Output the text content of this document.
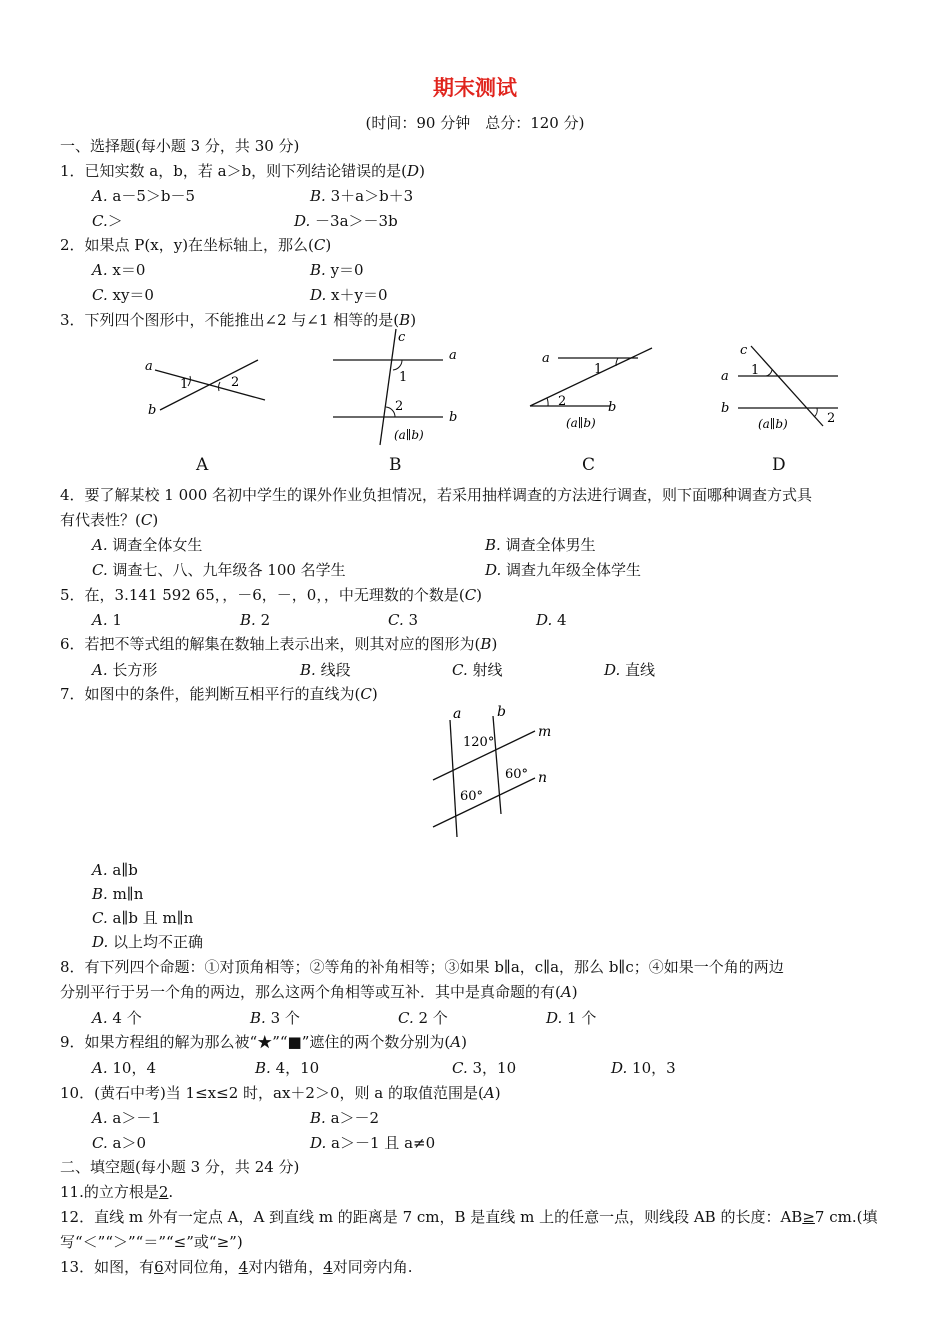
期末测试
(时间：90 分钟　总分：120 分)
一、选择题(每小题 3 分，共 30 分)
1．已知实数 a，b，若 a＞b，则下列结论错误的是(D)
A. a－5＞b－5	B. 3＋a＞b＋3
C.＞	D. －3a＞－3b
2．如果点 P(x，y)在坐标轴上，那么(C)
A. x＝0	B. y＝0
C. xy＝0	D. x＋y＝0
3．下列四个图形中，不能推出∠2 与∠1 相等的是(B)
a
b
1	2
A
c
a
b
1
2
(a∥b)
B
a
b
1
2
(a∥b)
C
c
a
b
1
2
(a∥b)
D
4．要了解某校 1 000 名初中学生的课外作业负担情况，若采用抽样调查的方法进行调查，则下面哪种调查方式具
有代表性？(C)
A. 调查全体女生	B. 调查全体男生
C. 调查七、八、九年级各 100 名学生	D. 调查九年级全体学生
5．在，3.141 592 65，，－6，－，0，，中无理数的个数是(C)
A. 1	B. 2	C. 3	D. 4
6．若把不等式组的解集在数轴上表示出来，则其对应的图形为(B)
A. 长方形	B. 线段	C. 射线	D. 直线
7．如图中的条件，能判断互相平行的直线为(C)
a	b
m
n
120°
60°
60°
A. a∥b
B. m∥n
C. a∥b 且 m∥n
D. 以上均不正确
8．有下列四个命题：①对顶角相等；②等角的补角相等；③如果 b∥a，c∥a，那么 b∥c；④如果一个角的两边
分别平行于另一个角的两边，那么这两个角相等或互补．其中是真命题的有(A)
A. 4 个	B. 3 个	C. 2 个	D. 1 个
9．如果方程组的解为那么被“★”“■”遮住的两个数分别为(A)
A. 10，4	B. 4，10	C. 3，10	D. 10，3
10．(黄石中考)当 1≤x≤2 时，ax＋2＞0，则 a 的取值范围是(A)
A. a＞－1	B. a＞－2
C. a＞0	D. a＞－1 且 a≠0
二、填空题(每小题 3 分，共 24 分)
11.的立方根是2.
12．直线 m 外有一定点 A，A 到直线 m 的距离是 7 cm，B 是直线 m 上的任意一点，则线段 AB 的长度：AB≥7 cm.(填
写“＜”“＞”“＝”“≤”或“≥”)
13．如图，有6对同位角，4对内错角，4对同旁内角.
